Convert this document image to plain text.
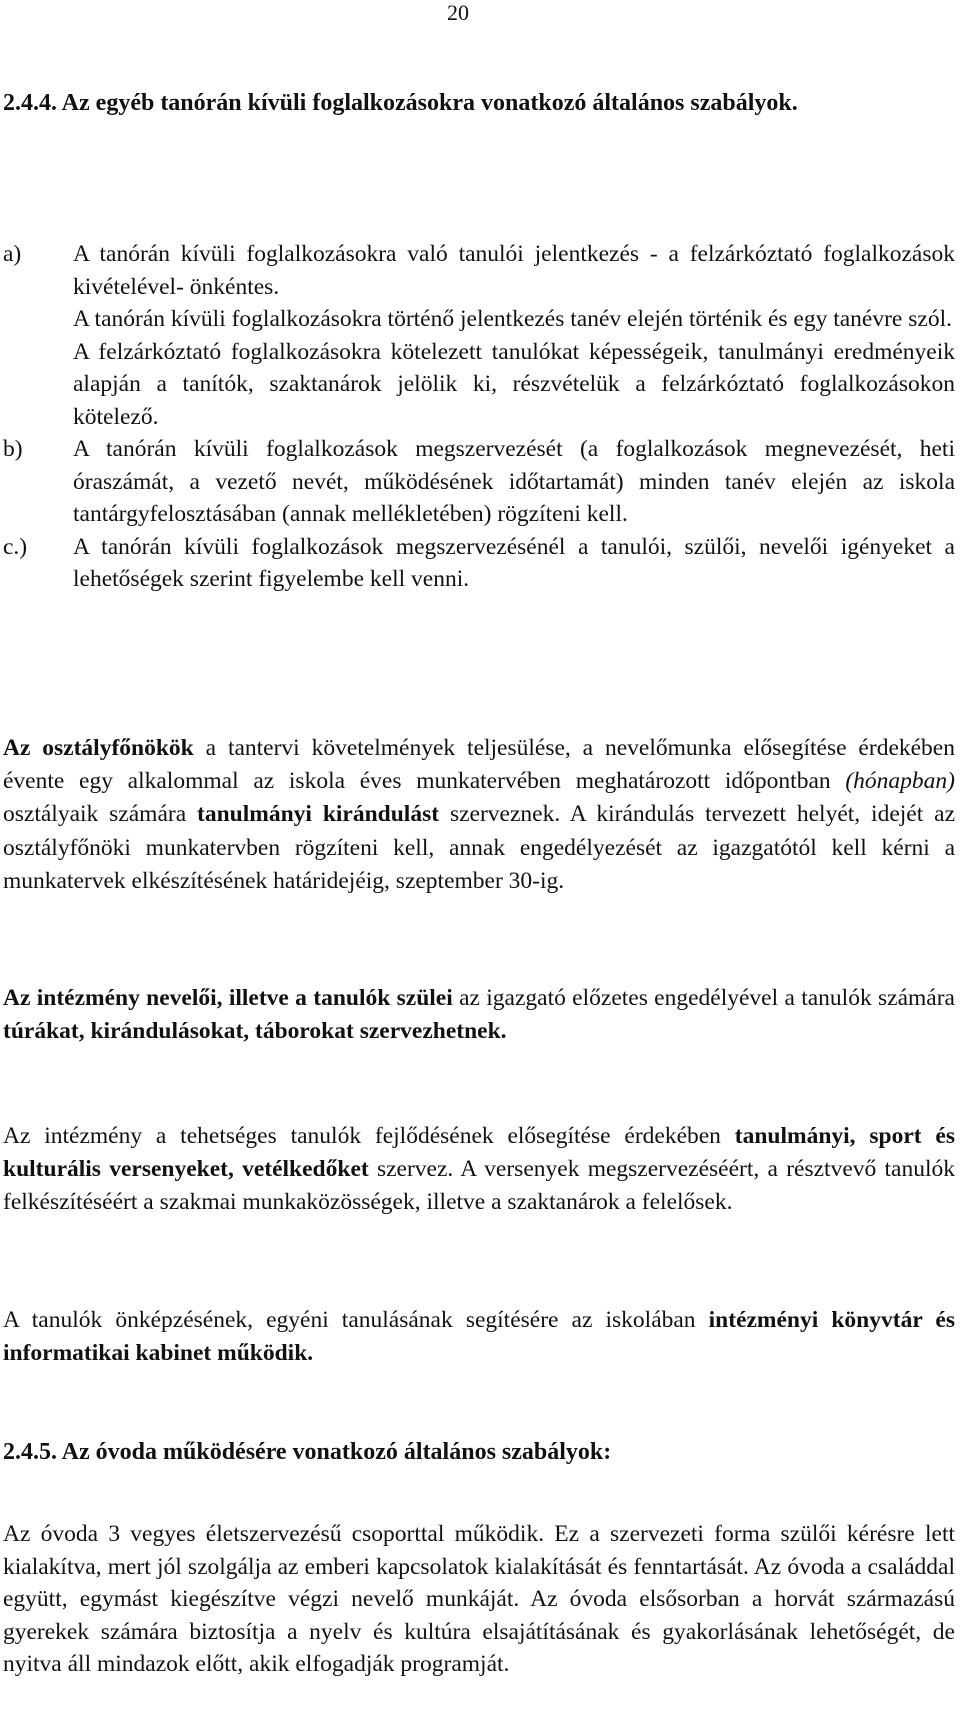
20
2.4.4. Az egyéb tanórán kívüli foglalkozásokra vonatkozó általános szabályok.
a) A tanórán kívüli foglalkozásokra való tanulói jelentkezés - a felzárkóztató foglalkozások kivételével- önkéntes.

A tanórán kívüli foglalkozásokra történő jelentkezés tanév elején történik és egy tanévre szól.

A felzárkóztató foglalkozásokra kötelezett tanulókat képességeik, tanulmányi eredményeik alapján a tanítók, szaktanárok jelölik ki, részvételük a felzárkóztató foglalkozásokon kötelező.

b) A tanórán kívüli foglalkozások megszervezését (a foglalkozások megnevezését, heti óraszámát, a vezető nevét, működésének időtartamát) minden tanév elején az iskola tantárgyfelosztásában (annak mellékletében) rögzíteni kell.

c.) A tanórán kívüli foglalkozások megszervezésénél a tanulói, szülői, nevelői igényeket a lehetőségek szerint figyelembe kell venni.

Az osztályfőnökök a tantervi követelmények teljesülése, a nevelőmunka elősegítése érdekében évente egy alkalommal az iskola éves munkatervében meghatározott időpontban (hónapban) osztályaik számára tanulmányi kirándulást szerveznek. A kirándulás tervezett helyét, idejét az osztályfőnöki munkatervben rögzíteni kell, annak engedélyezését az igazgatótól kell kérni a munkatervek elkészítésének határidejéig, szeptember 30-ig.

Az intézmény nevelői, illetve a tanulók szülei az igazgató előzetes engedélyével a tanulók számára túrákat, kirándulásokat, táborokat szervezhetnek.

Az intézmény a tehetséges tanulók fejlődésének elősegítése érdekében tanulmányi, sport és kulturális versenyeket, vetélkedőket szervez. A versenyek megszervezéséért, a résztvevő tanulók felkészítéséért a szakmai munkaközösségek, illetve a szaktanárok a felelősek.

A tanulók önképzésének, egyéni tanulásának segítésére az iskolában intézményi könyvtár és informatikai kabinet működik.

2.4.5. Az óvoda működésére vonatkozó általános szabályok:

Az óvoda 3 vegyes életszervezésű csoporttal működik. Ez a szervezeti forma szülői kérésre lett kialakítva, mert jól szolgálja az emberi kapcsolatok kialakítását és fenntartását. Az óvoda a családdal együtt, egymást kiegészítve végzi nevelő munkáját. Az óvoda elsősorban a horvát származású gyerekek számára biztosítja a nyelv és kultúra elsajátításának és gyakorlásának lehetőségét, de nyitva áll mindazok előtt, akik elfogadják programját.
